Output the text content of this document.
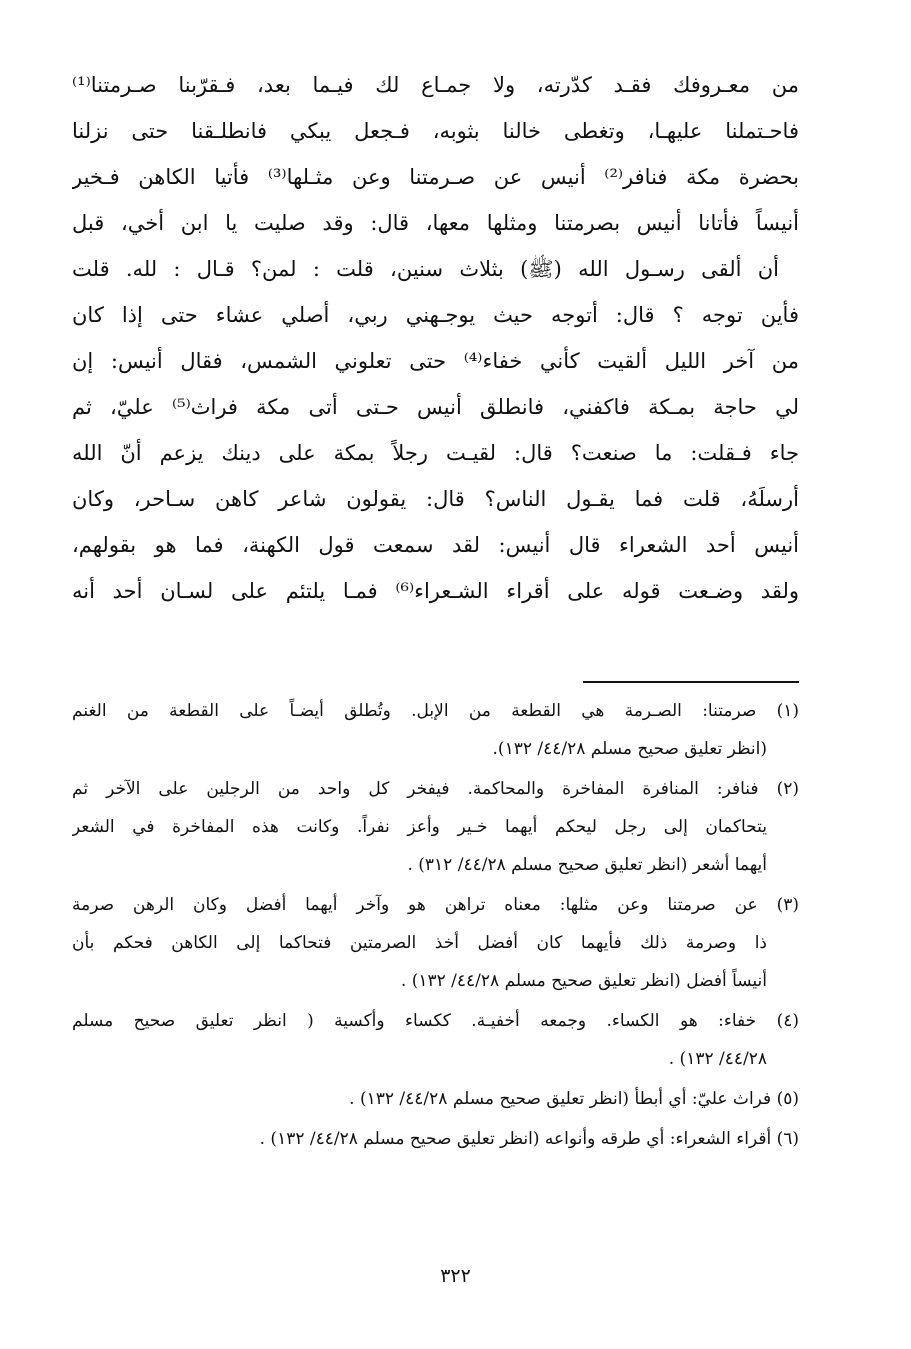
من معـروفك فقـد كدّرته، ولا جمـاع لك فيـما بعد، فـقرّبنا صـرمتنا⁽¹⁾
فاحـتملنا عليهـا، وتغطى خالنا بثوبه، فـجعل يبكي فانطلـقنا حتى نزلنا
بحضرة مكة فنافر⁽²⁾ أنيس عن صـرمتنا وعن مثـلها⁽³⁾ فأتيا الكاهن فـخير
أنيساً فأتانا أنيس بصرمتنا ومثلها معها، قال: وقد صليت يا ابن أخي، قبل
أن ألقى رسـول الله (ﷺ) بثلاث سنين، قلت : لمن؟ قـال : لله. قلت
فأين توجه ؟ قال: أتوجه حيث يوجـهني ربي، أصلي عشاء حتى إذا كان
من آخر الليل ألقيت كأني خفاء⁽⁴⁾ حتى تعلوني الشمس، فقال أنيس: إن
لي حاجة بمـكة فاكفني، فانطلق أنيس حـتى أتى مكة فراث⁽⁵⁾ عليّ، ثم
جاء فـقلت: ما صنعت؟ قال: لقيـت رجلاً بمكة على دينك يزعم أنّ الله
أرسلَهُ، قلت فما يقـول الناس؟ قال: يقولون شاعر كاهن سـاحر، وكان
أنيس أحد الشعراء قال أنيس: لقد سمعت قول الكهنة، فما هو بقولهم،
ولقد وضـعت قوله على أقراء الشـعراء⁽⁶⁾ فمـا يلتئم على لسـان أحد أنه
(١) صرمتنا: الصـرمة هي القطعة من الإبل. وتُطلق أيضـاً على القطعة من الغنم
(انظر تعليق صحيح مسلم ٤٤/٢٨/ ١٣٢).
(٢) فنافر: المنافرة المفاخرة والمحاكمة. فيفخر كل واحد من الرجلين على الآخر ثم
يتحاكمان إلى رجل ليحكم أيهما خـير وأعز نفراً. وكانت هذه المفاخرة في الشعر
أيهما أشعر (انظر تعليق صحيح مسلم ٤٤/٢٨/ ٣١٢) .
(٣) عن صرمتنا وعن مثلها: معناه تراهن هو وآخر أيهما أفضل وكان الرهن صرمة
ذا وصرمة ذلك فأيهما كان أفضل أخذ الصرمتين فتحاكما إلى الكاهن فحكم بأن
أنيساً أفضل (انظر تعليق صحيح مسلم ٤٤/٢٨/ ١٣٢) .
(٤) خفاء: هو الكساء. وجمعه أخفيـة. ككساء وأكسية ( انظر تعليق صحيح مسلم
٤٤/٢٨/ ١٣٢) .
(٥) فراث عليّ: أي أبطأ (انظر تعليق صحيح مسلم ٤٤/٢٨/ ١٣٢) .
(٦) أقراء الشعراء: أي طرقه وأنواعه (انظر تعليق صحيح مسلم ٤٤/٢٨/ ١٣٢) .
٣٢٢
